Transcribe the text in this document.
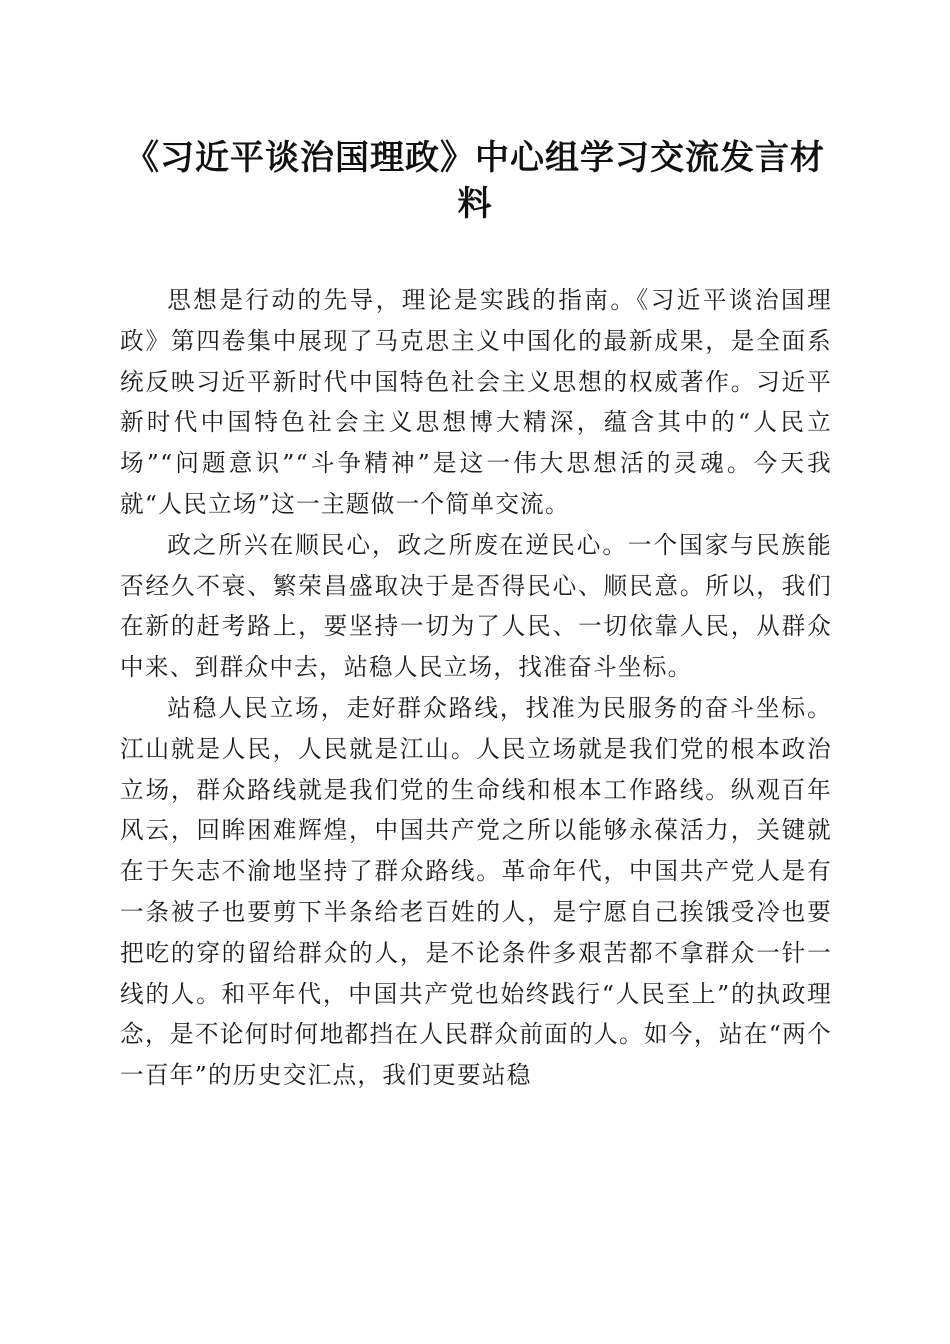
《习近平谈治国理政》中心组学习交流发言材料

思想是行动的先导，理论是实践的指南。《习近平谈治国理政》第四卷集中展现了马克思主义中国化的最新成果，是全面系统反映习近平新时代中国特色社会主义思想的权威著作。习近平新时代中国特色社会主义思想博大精深，蕴含其中的“人民立场”“问题意识”“斗争精神”是这一伟大思想活的灵魂。今天我就“人民立场”这一主题做一个简单交流。

政之所兴在顺民心，政之所废在逆民心。一个国家与民族能否经久不衰、繁荣昌盛取决于是否得民心、顺民意。所以，我们在新的赶考路上，要坚持一切为了人民、一切依靠人民，从群众中来、到群众中去，站稳人民立场，找准奋斗坐标。

站稳人民立场，走好群众路线，找准为民服务的奋斗坐标。江山就是人民，人民就是江山。人民立场就是我们党的根本政治立场，群众路线就是我们党的生命线和根本工作路线。纵观百年风云，回眸困难辉煌，中国共产党之所以能够永葆活力，关键就在于矢志不渝地坚持了群众路线。革命年代，中国共产党人是有一条被子也要剪下半条给老百姓的人，是宁愿自己挨饿受冷也要把吃的穿的留给群众的人，是不论条件多艰苦都不拿群众一针一线的人。和平年代，中国共产党也始终践行“人民至上”的执政理念，是不论何时何地都挡在人民群众前面的人。如今，站在“两个一百年”的历史交汇点，我们更要站稳
